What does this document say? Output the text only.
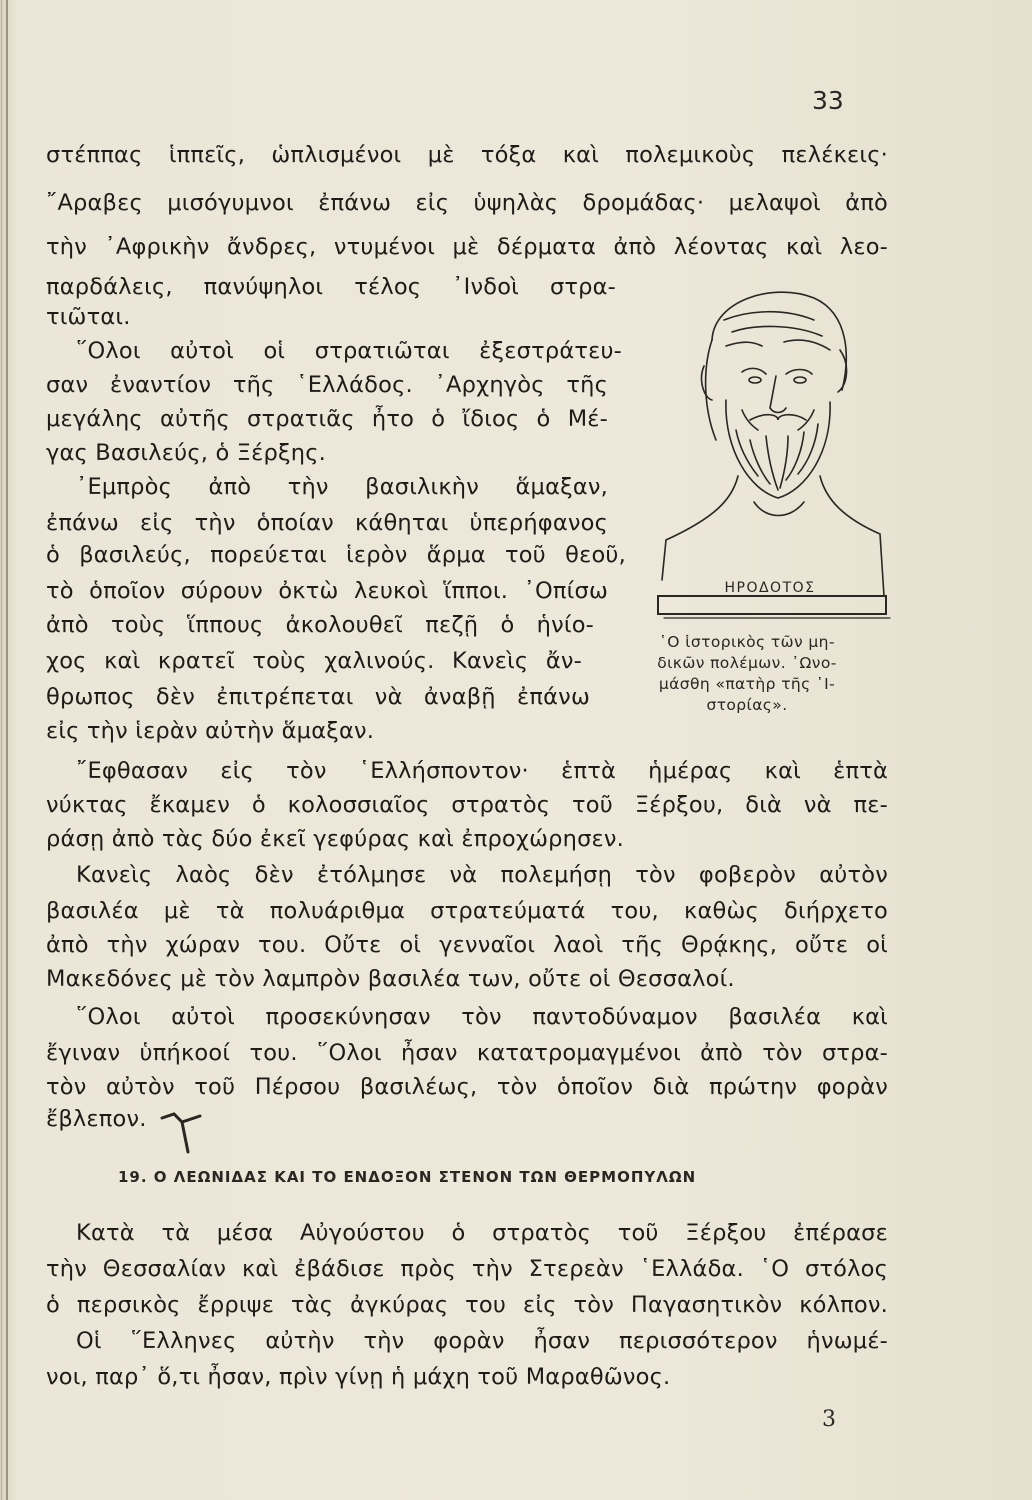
33
στέππας ἱππεῖς, ὡπλισμένοι μὲ τόξα καὶ πολεμικοὺς πελέκεις·
῎Αραβες μισόγυμνοι ἐπάνω εἰς ὑψηλὰς δρομάδας· μελαψοὶ ἀπὸ
τὴν ᾿Αφρικὴν ἄνδρες, ντυμένοι μὲ δέρματα ἀπὸ λέοντας καὶ λεο-
παρδάλεις, πανύψηλοι τέλος ᾿Ινδοὶ στρα-
τιῶται.
῞Ολοι αὐτοὶ οἱ στρατιῶται ἐξεστράτευ-
σαν ἐναντίον τῆς ῾Ελλάδος. ᾿Αρχηγὸς τῆς
μεγάλης αὐτῆς στρατιᾶς ἦτο ὁ ἴδιος ὁ Μέ-
γας Βασιλεύς, ὁ Ξέρξης.
᾿Εμπρὸς ἀπὸ τὴν βασιλικὴν ἅμαξαν,
ἐπάνω εἰς τὴν ὁποίαν κάθηται ὑπερήφανος
ὁ βασιλεύς, πορεύεται ἱερὸν ἅρμα τοῦ θεοῦ,
τὸ ὁποῖον σύρουν ὀκτὼ λευκοὶ ἵπποι. ᾿Οπίσω
ἀπὸ τοὺς ἵππους ἀκολουθεῖ πεζῇ ὁ ἡνίο-
χος καὶ κρατεῖ τοὺς χαλινούς. Κανεὶς ἄν-
θρωπος δὲν ἐπιτρέπεται νὰ ἀναβῇ ἐπάνω
εἰς τὴν ἱερὰν αὐτὴν ἅμαξαν.
ΗΡΟΔΟΤΟΣ
῾Ο ἱστορικὸς τῶν μη-
δικῶν πολέμων. ᾿Ωνο-
μάσθη «πατὴρ τῆς ῾Ι-
στορίας».
῎Εφθασαν εἰς τὸν ῾Ελλήσποντον· ἑπτὰ ἡμέρας καὶ ἑπτὰ
νύκτας ἔκαμεν ὁ κολοσσιαῖος στρατὸς τοῦ Ξέρξου, διὰ νὰ πε-
ράσῃ ἀπὸ τὰς δύο ἐκεῖ γεφύρας καὶ ἐπροχώρησεν.
Κανεὶς λαὸς δὲν ἐτόλμησε νὰ πολεμήσῃ τὸν φοβερὸν αὐτὸν
βασιλέα μὲ τὰ πολυάριθμα στρατεύματά του, καθὼς διήρχετο
ἀπὸ τὴν χώραν του. Οὔτε οἱ γενναῖοι λαοὶ τῆς Θρᾴκης, οὔτε οἱ
Μακεδόνες μὲ τὸν λαμπρὸν βασιλέα των, οὔτε οἱ Θεσσαλοί.
῞Ολοι αὐτοὶ προσεκύνησαν τὸν παντοδύναμον βασιλέα καὶ
ἔγιναν ὑπήκοοί του. ῞Ολοι ἦσαν κατατρομαγμένοι ἀπὸ τὸν στρα-
τὸν αὐτὸν τοῦ Πέρσου βασιλέως, τὸν ὁποῖον διὰ πρώτην φορὰν
ἔβλεπον.
19. Ο ΛΕΩΝΙΔΑΣ ΚΑΙ ΤΟ ΕΝΔΟΞΟΝ ΣΤΕΝΟΝ ΤΩΝ ΘΕΡΜΟΠΥΛΩΝ
Κατὰ τὰ μέσα Αὐγούστου ὁ στρατὸς τοῦ Ξέρξου ἐπέρασε
τὴν Θεσσαλίαν καὶ ἐβάδισε πρὸς τὴν Στερεὰν ῾Ελλάδα. ῾Ο στόλος
ὁ περσικὸς ἔρριψε τὰς ἀγκύρας του εἰς τὸν Παγασητικὸν κόλπον.
Οἱ ῞Ελληνες αὐτὴν τὴν φορὰν ἦσαν περισσότερον ἡνωμέ-
νοι, παρ᾿ ὅ,τι ἦσαν, πρὶν γίνῃ ἡ μάχη τοῦ Μαραθῶνος.
3
